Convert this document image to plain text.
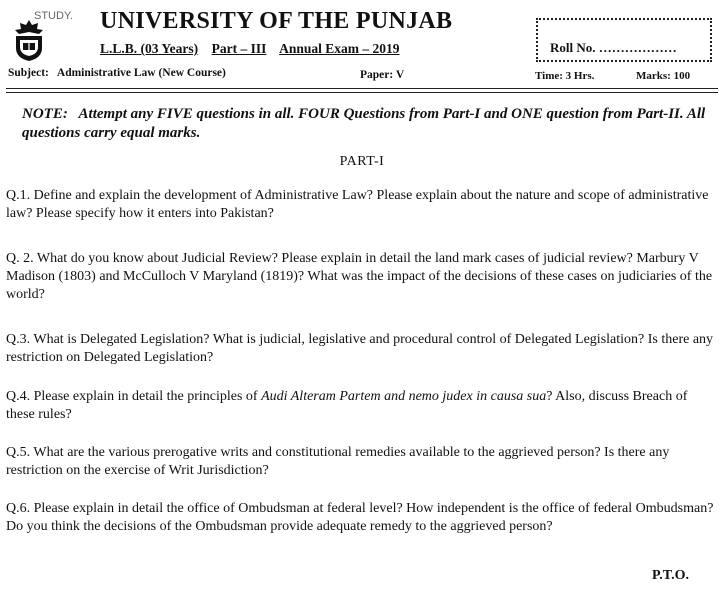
STUDY. UNIVERSITY OF THE PUNJAB
L.L.B. (03 Years) Part – III Annual Exam – 2019	Roll No. ………………
Subject: Administrative Law (New Course)	Paper: V	Time: 3 Hrs.	Marks: 100
NOTE: Attempt any FIVE questions in all. FOUR Questions from Part-I and ONE question from Part-II. All questions carry equal marks.
PART-I
Q.1. Define and explain the development of Administrative Law? Please explain about the nature and scope of administrative law? Please specify how it enters into Pakistan?
Q. 2. What do you know about Judicial Review? Please explain in detail the land mark cases of judicial review? Marbury V Madison (1803) and McCulloch V Maryland (1819)? What was the impact of the decisions of these cases on judiciaries of the world?
Q.3. What is Delegated Legislation? What is judicial, legislative and procedural control of Delegated Legislation? Is there any restriction on Delegated Legislation?
Q.4. Please explain in detail the principles of Audi Alteram Partem and nemo judex in causa sua? Also, discuss Breach of these rules?
Q.5. What are the various prerogative writs and constitutional remedies available to the aggrieved person? Is there any restriction on the exercise of Writ Jurisdiction?
Q.6. Please explain in detail the office of Ombudsman at federal level? How independent is the office of federal Ombudsman? Do you think the decisions of the Ombudsman provide adequate remedy to the aggrieved person?
P.T.O.
